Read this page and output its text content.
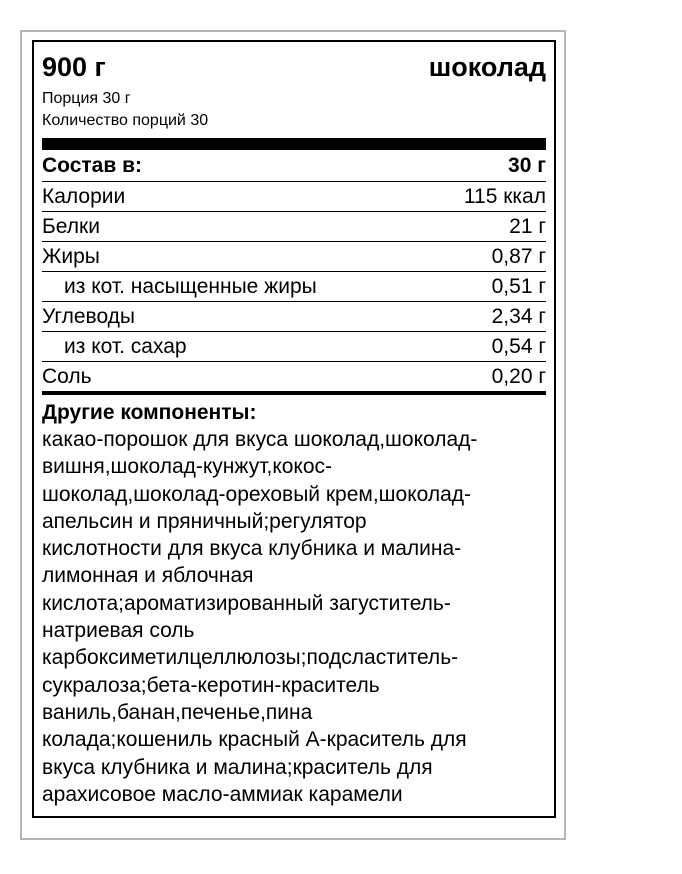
900 г	шоколад
Порция 30 г
Количество порций 30
Состав в:	30 г
Калории	115 ккал
Белки	21 г
Жиры	0,87 г
из кот. насыщенные жиры	0,51 г
Углеводы	2,34 г
из кот. сахар	0,54 г
Соль	0,20 г
Другие компоненты:
какао-порошок для вкуса шоколад,шоколад-
вишня,шоколад-кунжут,кокос-
шоколад,шоколад-ореховый крем,шоколад-
апельсин и пряничный;регулятор
кислотности для вкуса клубника и малина-
лимонная и яблочная
кислота;ароматизированный загуститель-
натриевая соль
карбоксиметилцеллюлозы;подсластитель-
сукралоза;бета-керотин-краситель
ваниль,банан,печенье,пина
колада;кошениль красный А-краситель для
вкуса клубника и малина;краситель для
арахисовое масло-аммиак карамели
